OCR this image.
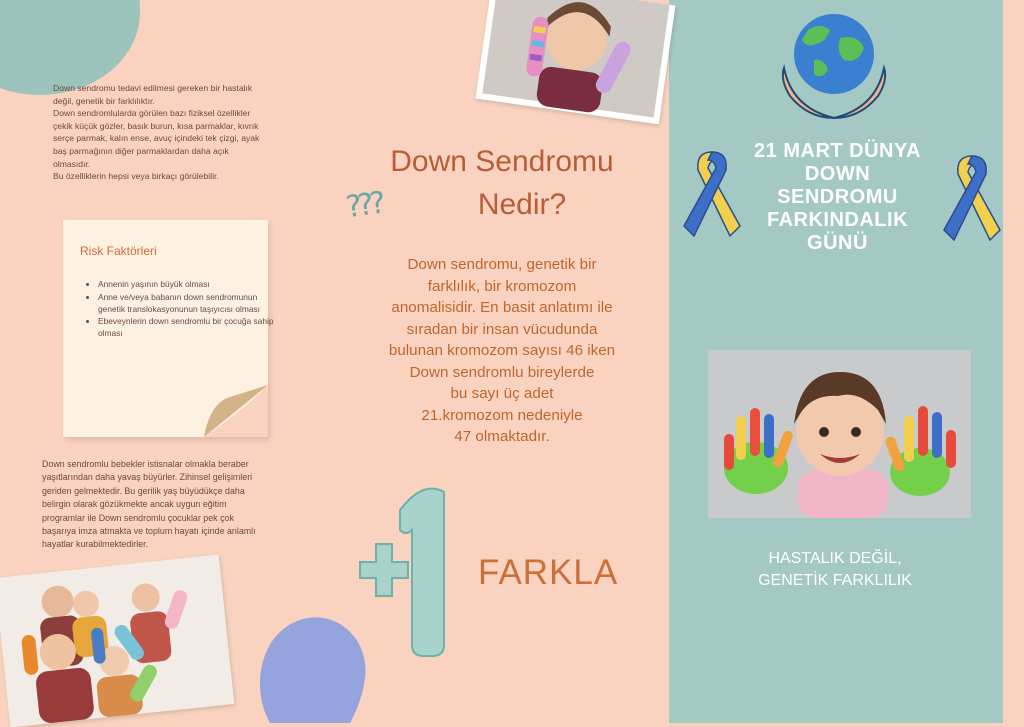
Down sendromu tedavi edilmesi gereken bir hastalık
değil, genetik bir farklılıktır.
Down sendromlularda görülen bazı fiziksel özellikler
çekik küçük gözler, basık burun, kısa parmaklar, kıvrık
serçe parmak, kalın ense, avuç içindeki tek çizgi, ayak
baş parmağının diğer parmaklardan daha açık
olmasıdır.
Bu özelliklerin hepsi veya birkaçı görülebilir.
Risk Faktörleri
• Annenin yaşının büyük olması
• Anne ve/veya babanın down sendromunun genetik translokasyonunun taşıyıcısı olması
• Ebeveynlerin down sendromlu bir çocuğa sahip olması
Down sendromlu bebekler istisnalar olmakla beraber
yaşıtlarından daha yavaş büyürler. Zihinsel gelişimleri
geriden gelmektedir. Bu gerilik yaş büyüdükçe daha
belirgin olarak gözükmekte ancak uygun eğitim
programlar ile Down sendromlu çocuklar pek çok
başarıya imza atmakta ve toplum hayatı içinde anlamlı
hayatlar kurabilmektedirler.
Down Sendromu
Nedir?
???
Down sendromu, genetik bir
farklılık, bir kromozom
anomalisidir. En basit anlatımı ile
sıradan bir insan vücudunda
bulunan kromozom sayısı 46 iken
Down sendromlu bireylerde
bu sayı üç adet
21.kromozom nedeniyle
47 olmaktadır.
FARKLA
21 MART DÜNYA
DOWN
SENDROMU
FARKINDALIK
GÜNÜ
HASTALIK DEĞİL,
GENETİK FARKLILIK
